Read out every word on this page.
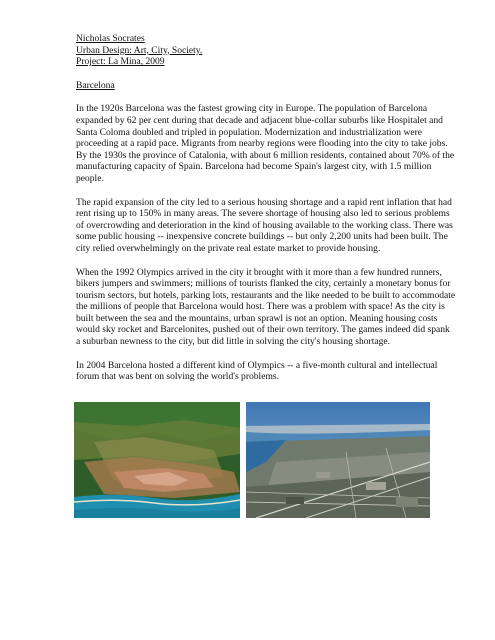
Nicholas Socrates
Urban Design: Art, City, Society.
Project: La Mina, 2009
Barcelona

In the 1920s Barcelona was the fastest growing city in Europe. The population of Barcelona expanded by 62 per cent during that decade and adjacent blue-collar suburbs like Hospitalet and Santa Coloma doubled and tripled in population. Modernization and industrialization were proceeding at a rapid pace. Migrants from nearby regions were flooding into the city to take jobs. By the 1930s the province of Catalonia, with about 6 million residents, contained about 70% of the manufacturing capacity of Spain. Barcelona had become Spain's largest city, with 1.5 million people.

The rapid expansion of the city led to a serious housing shortage and a rapid rent inflation that had rent rising up to 150% in many areas. The severe shortage of housing also led to serious problems of overcrowding and deterioration in the kind of housing available to the working class. There was some public housing -- inexpensive concrete buildings -- but only 2,200 units had been built. The city relied overwhelmingly on the private real estate market to provide housing.

When the 1992 Olympics arrived in the city it brought with it more than a few hundred runners, bikers jumpers and swimmers; millions of tourists flanked the city, certainly a monetary bonus for tourism sectors, but hotels, parking lots, restaurants and the like needed to be built to accommodate the millions of people that Barcelona would host. There was a problem with space! As the city is built between the sea and the mountains, urban sprawl is not an option. Meaning housing costs would sky rocket and Barcelonites, pushed out of their own territory. The games indeed did spank a suburban newness to the city, but did little in solving the city's housing shortage.

In 2004 Barcelona hosted a different kind of Olympics -- a five-month cultural and intellectual forum that was bent on solving the world's problems.
